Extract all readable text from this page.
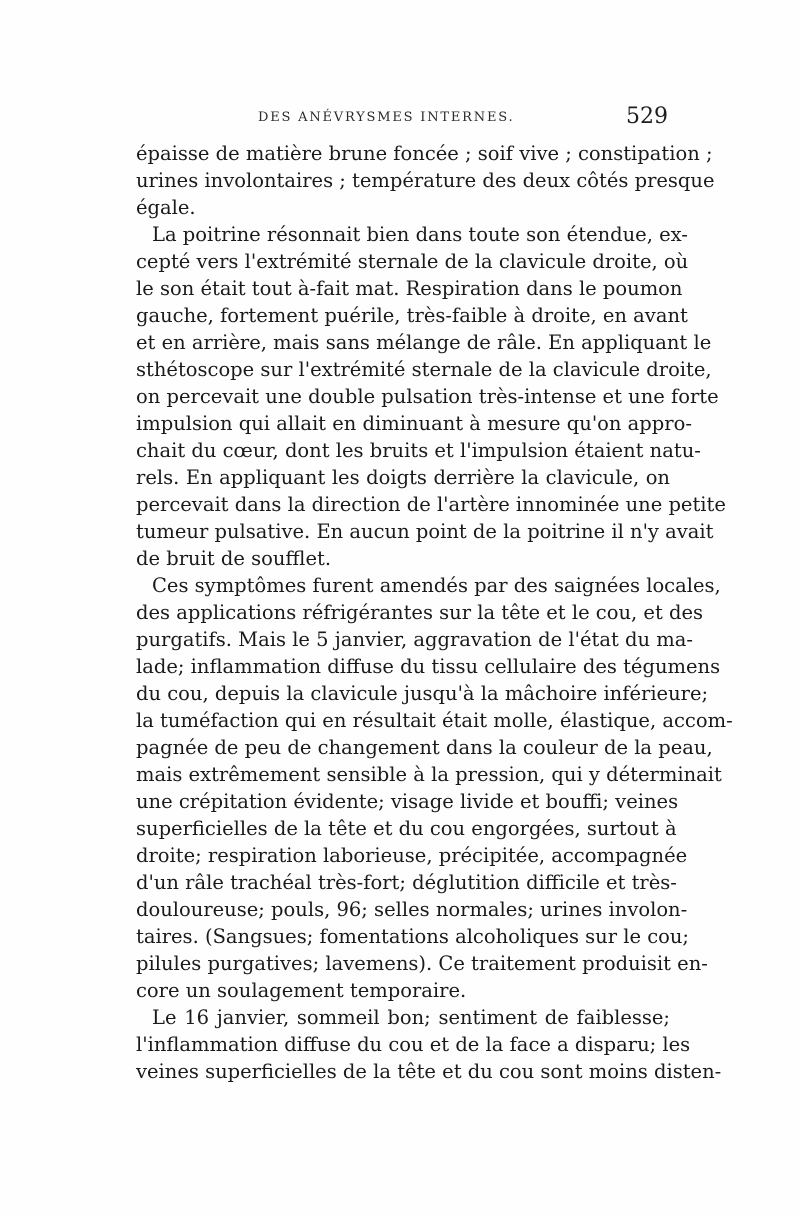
DES ANÉVRYSMES INTERNES.	529
épaisse de matière brune foncée ; soif vive ; constipation ;
urines involontaires ; température des deux côtés presque
égale.
La poitrine résonnait bien dans toute son étendue, ex-
cepté vers l'extrémité sternale de la clavicule droite, où
le son était tout à-fait mat. Respiration dans le poumon
gauche, fortement puérile, très-faible à droite, en avant
et en arrière, mais sans mélange de râle. En appliquant le
sthétoscope sur l'extrémité sternale de la clavicule droite,
on percevait une double pulsation très-intense et une forte
impulsion qui allait en diminuant à mesure qu'on appro-
chait du cœur, dont les bruits et l'impulsion étaient natu-
rels. En appliquant les doigts derrière la clavicule, on
percevait dans la direction de l'artère innominée une petite
tumeur pulsative. En aucun point de la poitrine il n'y avait
de bruit de soufflet.
Ces symptômes furent amendés par des saignées locales,
des applications réfrigérantes sur la tête et le cou, et des
purgatifs. Mais le 5 janvier, aggravation de l'état du ma-
lade; inflammation diffuse du tissu cellulaire des tégumens
du cou, depuis la clavicule jusqu'à la mâchoire inférieure;
la tuméfaction qui en résultait était molle, élastique, accom-
pagnée de peu de changement dans la couleur de la peau,
mais extrêmement sensible à la pression, qui y déterminait
une crépitation évidente; visage livide et bouffi; veines
superficielles de la tête et du cou engorgées, surtout à
droite; respiration laborieuse, précipitée, accompagnée
d'un râle trachéal très-fort; déglutition difficile et très-
douloureuse; pouls, 96; selles normales; urines involon-
taires. (Sangsues; fomentations alcoholiques sur le cou;
pilules purgatives; lavemens). Ce traitement produisit en-
core un soulagement temporaire.
Le 16 janvier, sommeil bon; sentiment de faiblesse;
l'inflammation diffuse du cou et de la face a disparu; les
veines superficielles de la tête et du cou sont moins disten-
